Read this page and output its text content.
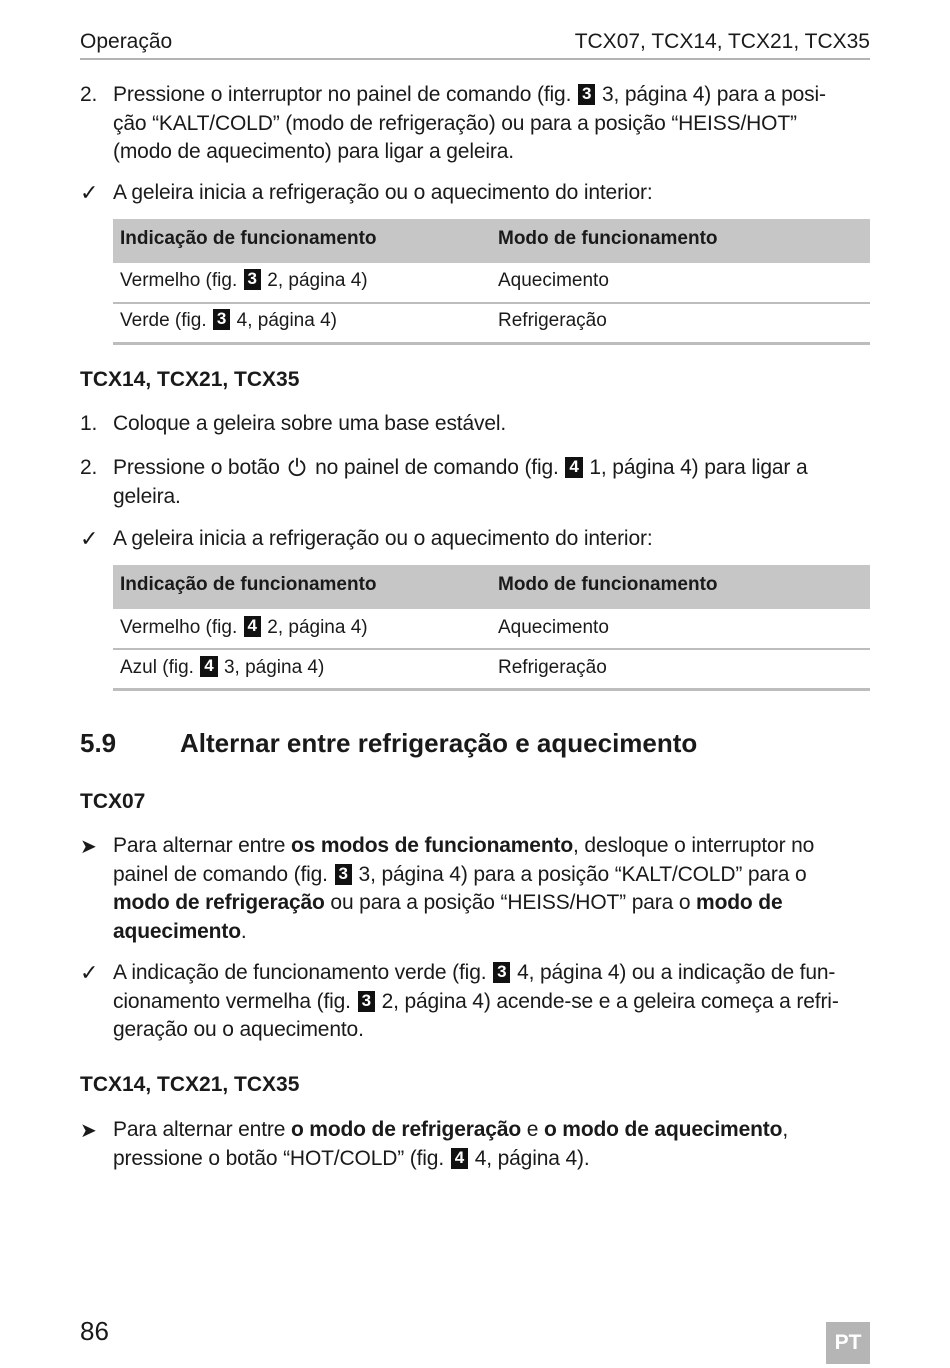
Operação	TCX07, TCX14, TCX21, TCX35
2. Pressione o interruptor no painel de comando (fig. 3 3, página 4) para a posi-
ção “KALT/COLD” (modo de refrigeração) ou para a posição “HEISS/HOT”
(modo de aquecimento) para ligar a geleira.
✓ A geleira inicia a refrigeração ou o aquecimento do interior:
Indicação de funcionamento	Modo de funcionamento
Vermelho (fig. 3 2, página 4)	Aquecimento
Verde (fig. 3 4, página 4)	Refrigeração
TCX14, TCX21, TCX35
1. Coloque a geleira sobre uma base estável.
2. Pressione o botão no painel de comando (fig. 4 1, página 4) para ligar a
geleira.
✓ A geleira inicia a refrigeração ou o aquecimento do interior:
Indicação de funcionamento	Modo de funcionamento
Vermelho (fig. 4 2, página 4)	Aquecimento
Azul (fig. 4 3, página 4)	Refrigeração
5.9 Alternar entre refrigeração e aquecimento
TCX07
➤ Para alternar entre os modos de funcionamento, desloque o interruptor no
painel de comando (fig. 3 3, página 4) para a posição “KALT/COLD” para o
modo de refrigeração ou para a posição “HEISS/HOT” para o modo de
aquecimento.
✓ A indicação de funcionamento verde (fig. 3 4, página 4) ou a indicação de fun-
cionamento vermelha (fig. 3 2, página 4) acende-se e a geleira começa a refri-
geração ou o aquecimento.
TCX14, TCX21, TCX35
➤ Para alternar entre o modo de refrigeração e o modo de aquecimento,
pressione o botão “HOT/COLD” (fig. 4 4, página 4).
86	PT
